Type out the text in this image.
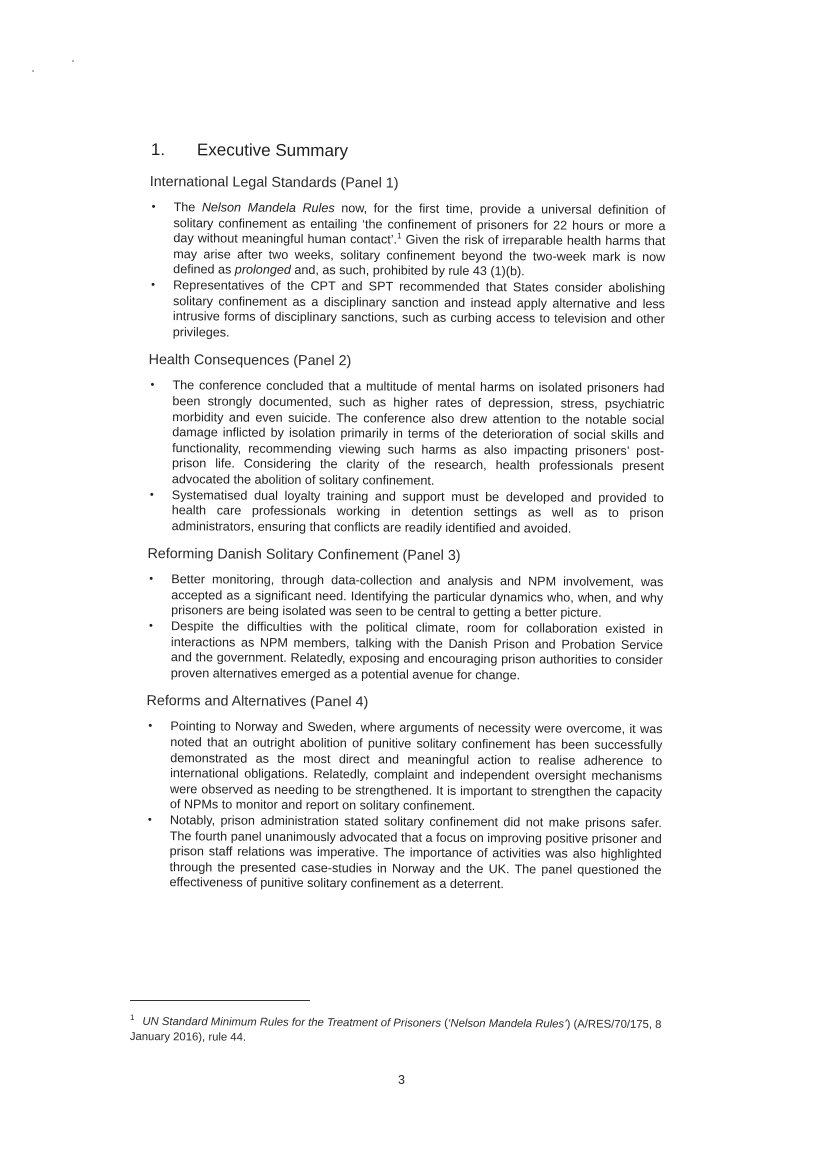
1.	Executive Summary
International Legal Standards (Panel 1)
• The Nelson Mandela Rules now, for the first time, provide a universal definition of solitary confinement as entailing ‘the confinement of prisoners for 22 hours or more a day without meaningful human contact’.$^1$ Given the risk of irreparable health harms that may arise after two weeks, solitary confinement beyond the two-week mark is now defined as prolonged and, as such, prohibited by rule 43 (1)(b).
• Representatives of the CPT and SPT recommended that States consider abolishing solitary confinement as a disciplinary sanction and instead apply alternative and less intrusive forms of disciplinary sanctions, such as curbing access to television and other privileges.
Health Consequences (Panel 2)
• The conference concluded that a multitude of mental harms on isolated prisoners had been strongly documented, such as higher rates of depression, stress, psychiatric morbidity and even suicide. The conference also drew attention to the notable social damage inflicted by isolation primarily in terms of the deterioration of social skills and functionality, recommending viewing such harms as also impacting prisoners’ post-prison life. Considering the clarity of the research, health professionals present advocated the abolition of solitary confinement.
• Systematised dual loyalty training and support must be developed and provided to health care professionals working in detention settings as well as to prison administrators, ensuring that conflicts are readily identified and avoided.
Reforming Danish Solitary Confinement (Panel 3)
• Better monitoring, through data-collection and analysis and NPM involvement, was accepted as a significant need. Identifying the particular dynamics who, when, and why prisoners are being isolated was seen to be central to getting a better picture.
• Despite the difficulties with the political climate, room for collaboration existed in interactions as NPM members, talking with the Danish Prison and Probation Service and the government. Relatedly, exposing and encouraging prison authorities to consider proven alternatives emerged as a potential avenue for change.
Reforms and Alternatives (Panel 4)
• Pointing to Norway and Sweden, where arguments of necessity were overcome, it was noted that an outright abolition of punitive solitary confinement has been successfully demonstrated as the most direct and meaningful action to realise adherence to international obligations. Relatedly, complaint and independent oversight mechanisms were observed as needing to be strengthened. It is important to strengthen the capacity of NPMs to monitor and report on solitary confinement.
• Notably, prison administration stated solitary confinement did not make prisons safer. The fourth panel unanimously advocated that a focus on improving positive prisoner and prison staff relations was imperative. The importance of activities was also highlighted through the presented case-studies in Norway and the UK. The panel questioned the effectiveness of punitive solitary confinement as a deterrent.
$^1$ UN Standard Minimum Rules for the Treatment of Prisoners (‘Nelson Mandela Rules’) (A/RES/70/175, 8 January 2016), rule 44.
3
